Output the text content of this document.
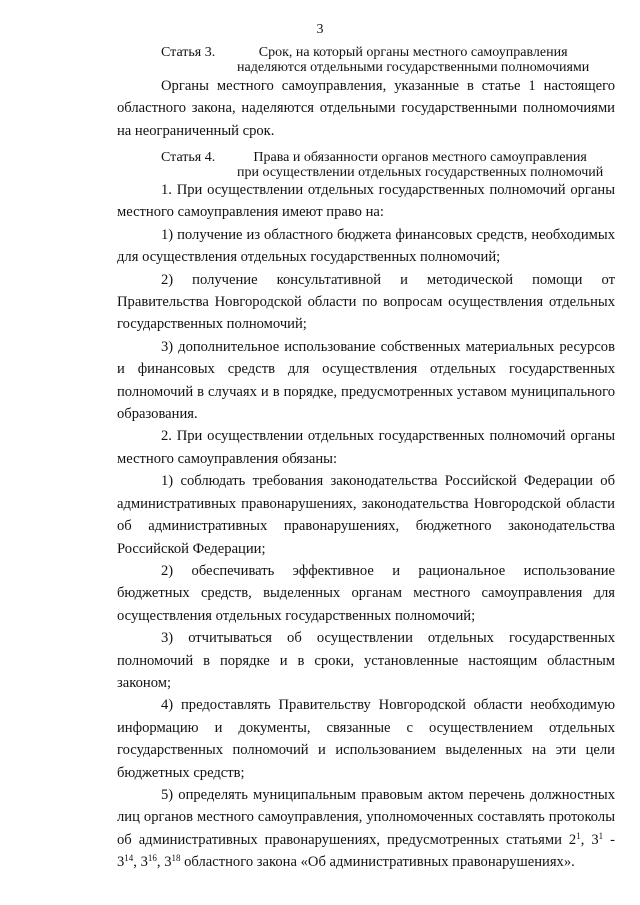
3
Статья 3.	Срок, на который органы местного самоуправления
наделяются отдельными государственными полномочиями

Органы местного самоуправления, указанные в статье 1 настоящего областного закона, наделяются отдельными государственными полномочиями на неограниченный срок.

Статья 4.	Права и обязанности органов местного самоуправления
при осуществлении отдельных государственных полномочий

1. При осуществлении отдельных государственных полномочий органы местного самоуправления имеют право на:

1) получение из областного бюджета финансовых средств, необходимых для осуществления отдельных государственных полномочий;

2) получение консультативной и методической помощи от Правительства Новгородской области по вопросам осуществления отдельных государственных полномочий;

3) дополнительное использование собственных материальных ресурсов и финансовых средств для осуществления отдельных государственных полномочий в случаях и в порядке, предусмотренных уставом муниципального образования.

2. При осуществлении отдельных государственных полномочий органы местного самоуправления обязаны:

1) соблюдать требования законодательства Российской Федерации об административных правонарушениях, законодательства Новгородской области об административных правонарушениях, бюджетного законодательства Российской Федерации;

2) обеспечивать эффективное и рациональное использование бюджетных средств, выделенных органам местного самоуправления для осуществления отдельных государственных полномочий;

3) отчитываться об осуществлении отдельных государственных полномочий в порядке и в сроки, установленные настоящим областным законом;

4) предоставлять Правительству Новгородской области необходимую информацию и документы, связанные с осуществлением отдельных государственных полномочий и использованием выделенных на эти цели бюджетных средств;

5) определять муниципальным правовым актом перечень должностных лиц органов местного самоуправления, уполномоченных составлять протоколы об административных правонарушениях, предусмотренных статьями $2^1$, $3^1 - 3^{14}$, $3^{16}$, $3^{18}$ областного закона «Об административных правонарушениях».
